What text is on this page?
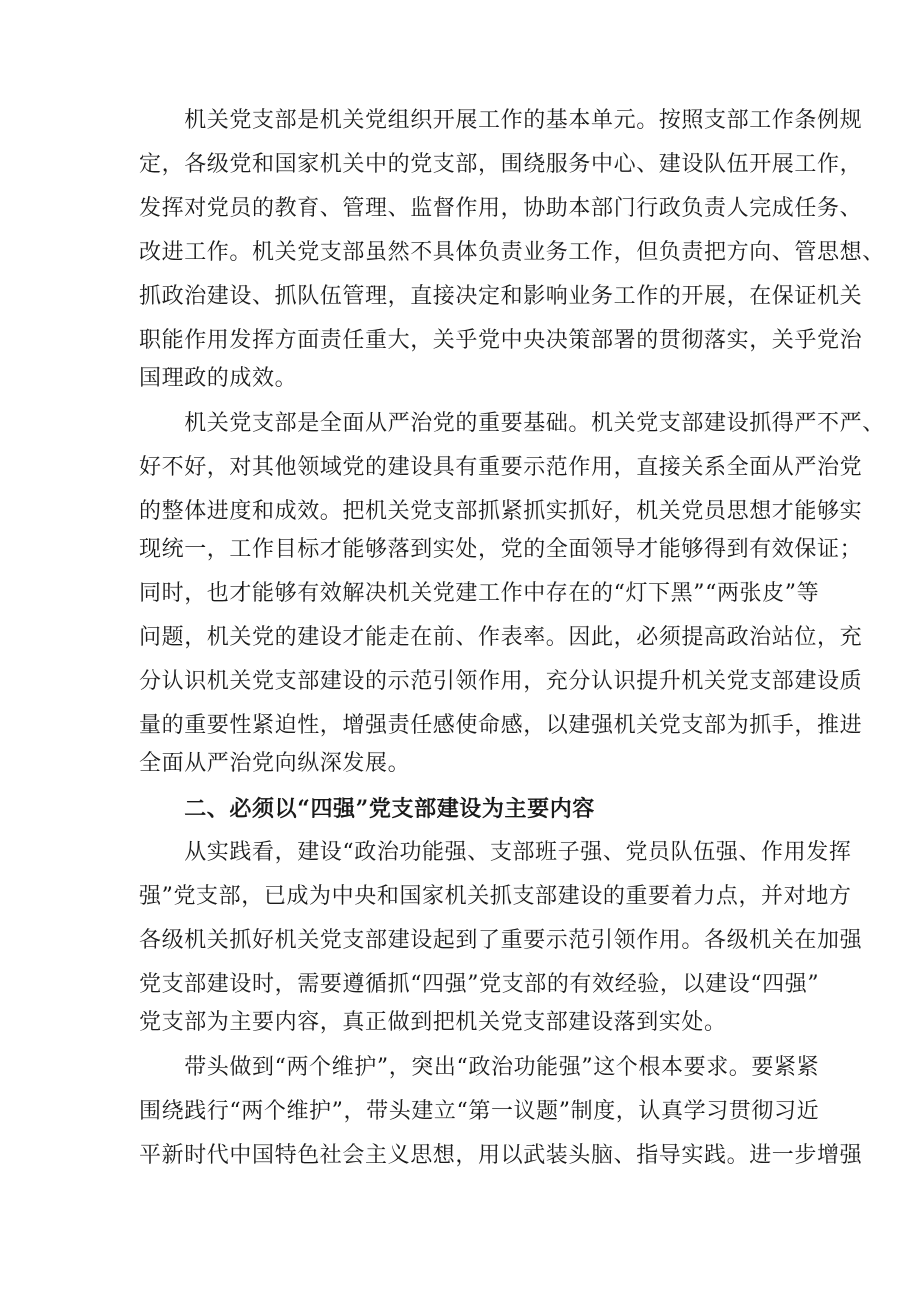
　　机关党支部是机关党组织开展工作的基本单元。按照支部工作条例规
定，各级党和国家机关中的党支部，围绕服务中心、建设队伍开展工作，
发挥对党员的教育、管理、监督作用，协助本部门行政负责人完成任务、
改进工作。机关党支部虽然不具体负责业务工作，但负责把方向、管思想、
抓政治建设、抓队伍管理，直接决定和影响业务工作的开展，在保证机关
职能作用发挥方面责任重大，关乎党中央决策部署的贯彻落实，关乎党治
国理政的成效。
　　机关党支部是全面从严治党的重要基础。机关党支部建设抓得严不严、
好不好，对其他领域党的建设具有重要示范作用，直接关系全面从严治党
的整体进度和成效。把机关党支部抓紧抓实抓好，机关党员思想才能够实
现统一，工作目标才能够落到实处，党的全面领导才能够得到有效保证；
同时，也才能够有效解决机关党建工作中存在的“灯下黑”“两张皮”等
问题，机关党的建设才能走在前、作表率。因此，必须提高政治站位，充
分认识机关党支部建设的示范引领作用，充分认识提升机关党支部建设质
量的重要性紧迫性，增强责任感使命感，以建强机关党支部为抓手，推进
全面从严治党向纵深发展。
　　二、必须以“四强”党支部建设为主要内容
　　从实践看，建设“政治功能强、支部班子强、党员队伍强、作用发挥
强”党支部，已成为中央和国家机关抓支部建设的重要着力点，并对地方
各级机关抓好机关党支部建设起到了重要示范引领作用。各级机关在加强
党支部建设时，需要遵循抓“四强”党支部的有效经验，以建设“四强”
党支部为主要内容，真正做到把机关党支部建设落到实处。
　　带头做到“两个维护”，突出“政治功能强”这个根本要求。要紧紧
围绕践行“两个维护”，带头建立“第一议题”制度，认真学习贯彻习近
平新时代中国特色社会主义思想，用以武装头脑、指导实践。进一步增强
